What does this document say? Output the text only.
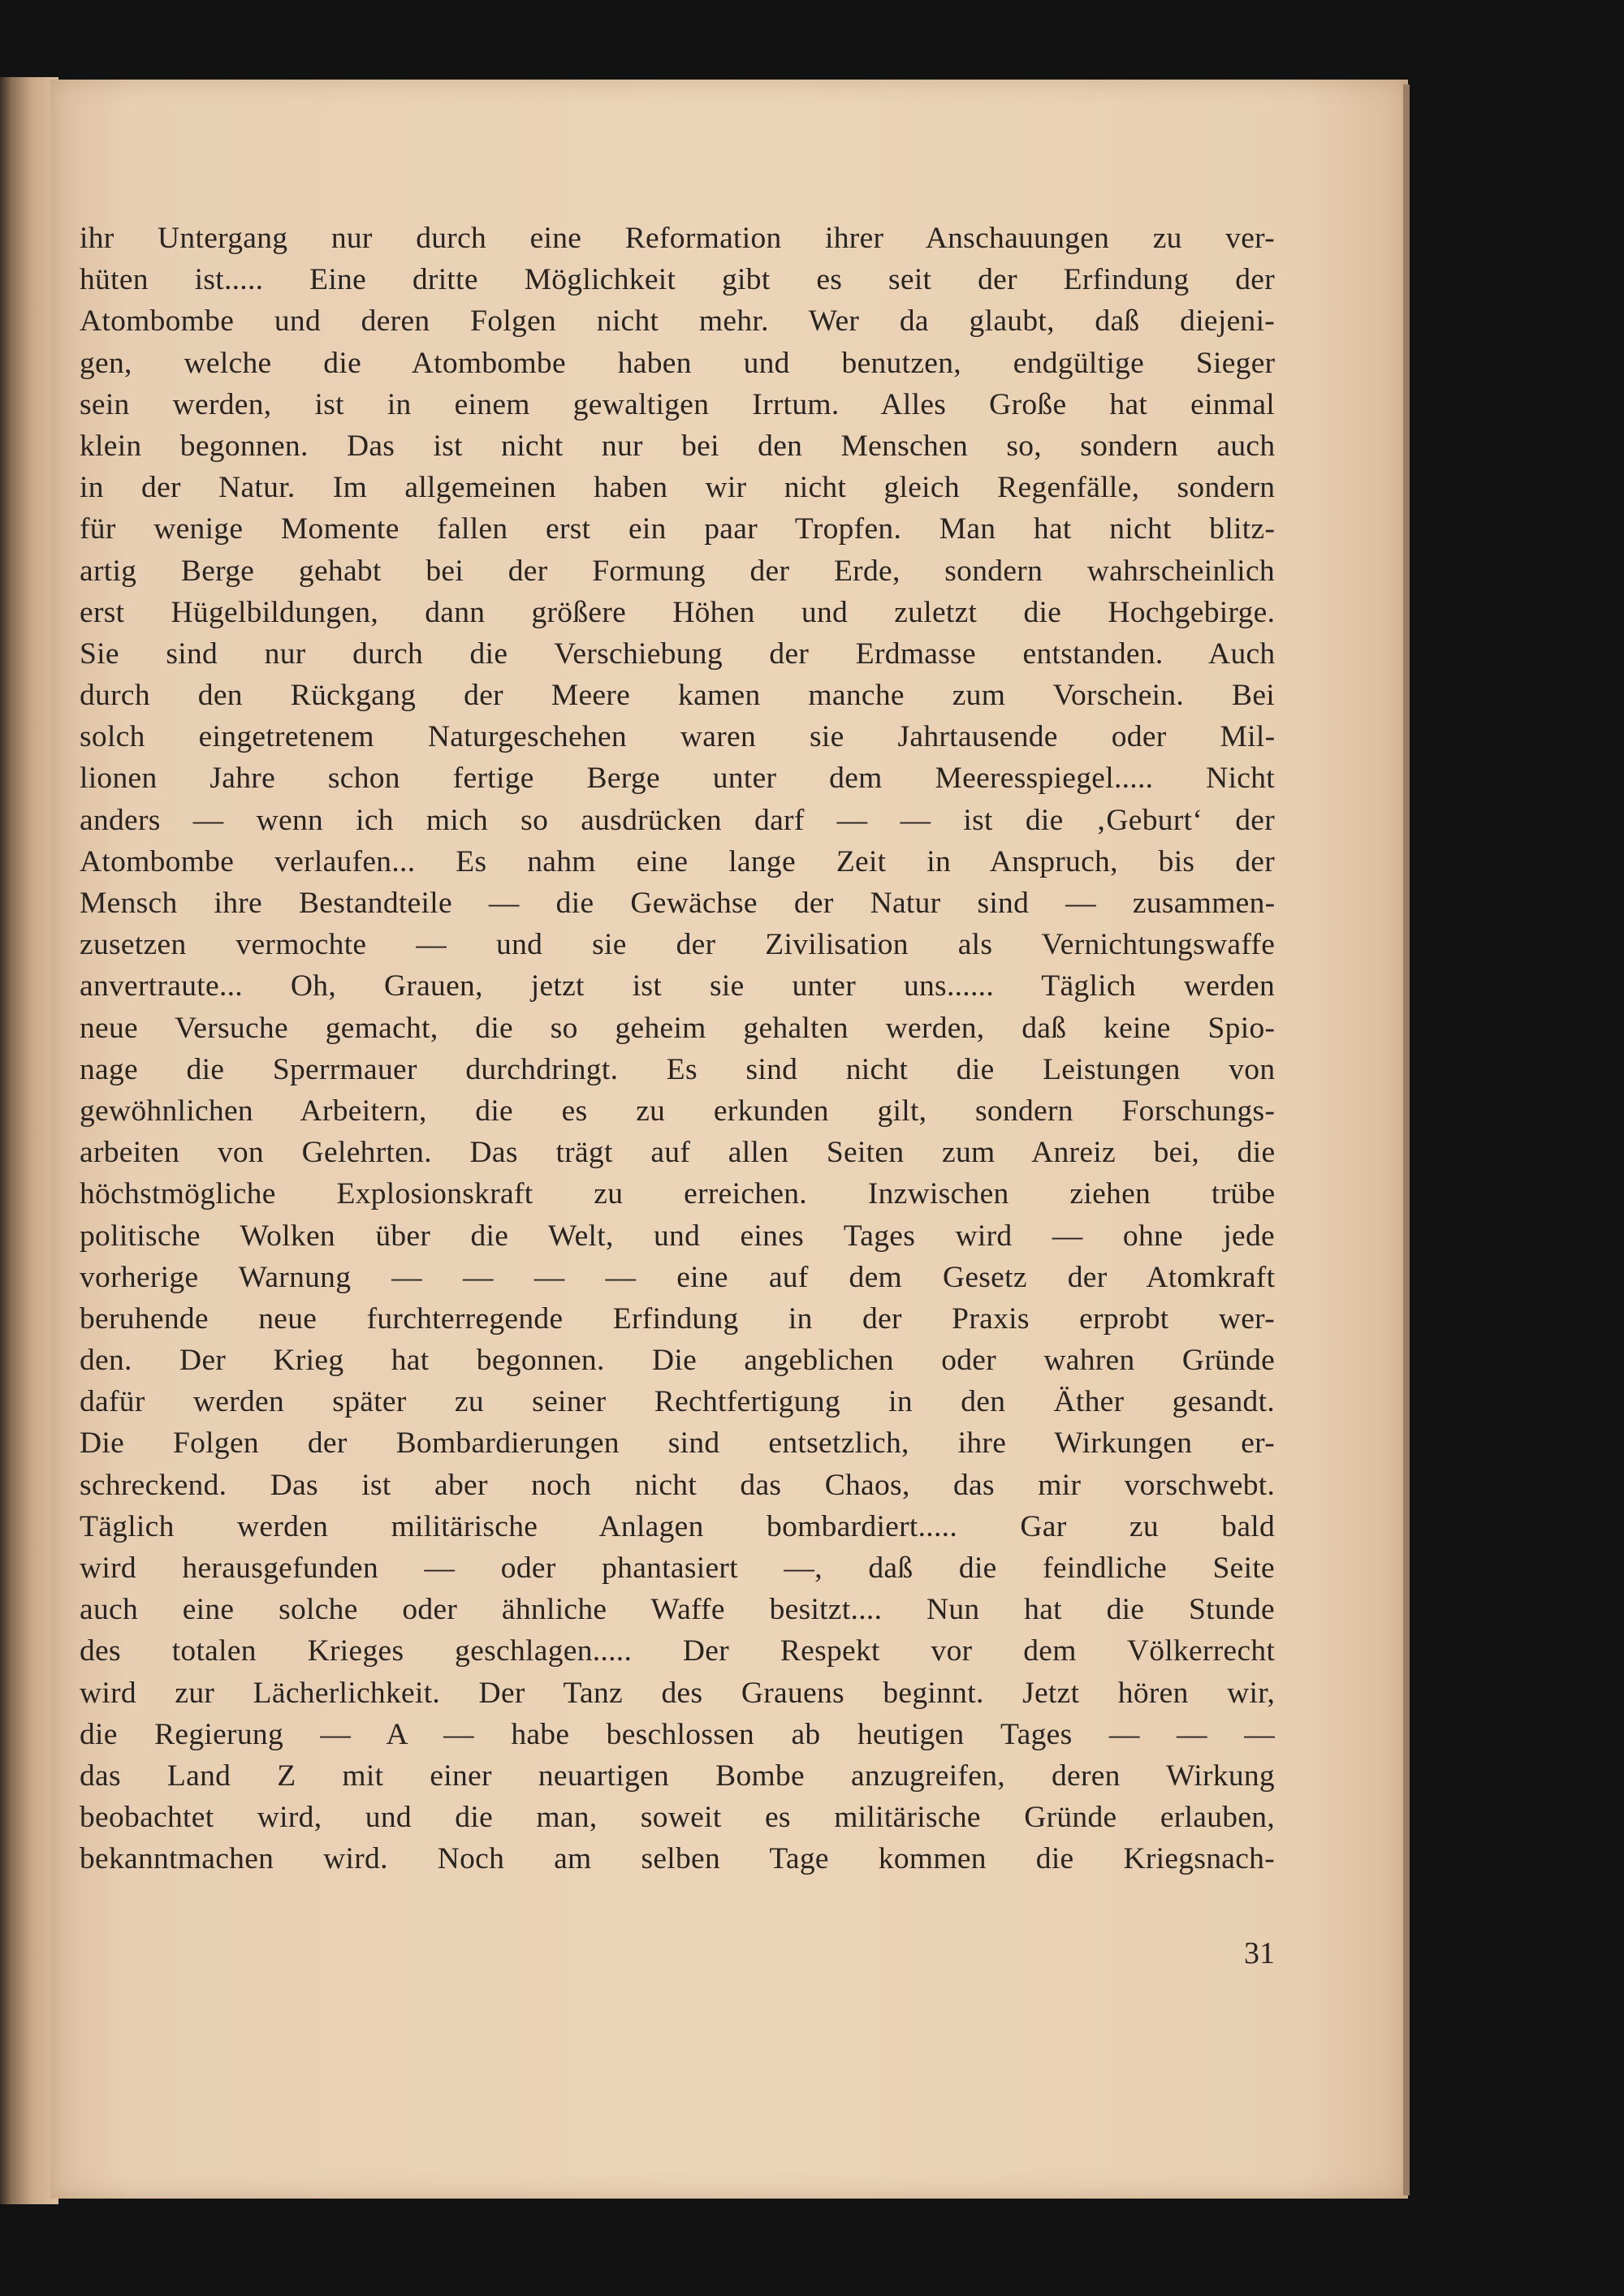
ihr Untergang nur durch eine Reformation ihrer Anschauungen zu ver-
hüten ist..... Eine dritte Möglichkeit gibt es seit der Erfindung der
Atombombe und deren Folgen nicht mehr. Wer da glaubt, daß diejeni-
gen, welche die Atombombe haben und benutzen, endgültige Sieger
sein werden, ist in einem gewaltigen Irrtum. Alles Große hat einmal
klein begonnen. Das ist nicht nur bei den Menschen so, sondern auch
in der Natur. Im allgemeinen haben wir nicht gleich Regenfälle, sondern
für wenige Momente fallen erst ein paar Tropfen. Man hat nicht blitz-
artig Berge gehabt bei der Formung der Erde, sondern wahrscheinlich
erst Hügelbildungen, dann größere Höhen und zuletzt die Hochgebirge.
Sie sind nur durch die Verschiebung der Erdmasse entstanden. Auch
durch den Rückgang der Meere kamen manche zum Vorschein. Bei
solch eingetretenem Naturgeschehen waren sie Jahrtausende oder Mil-
lionen Jahre schon fertige Berge unter dem Meeresspiegel..... Nicht
anders — wenn ich mich so ausdrücken darf — — ist die ‚Geburt‘ der
Atombombe verlaufen... Es nahm eine lange Zeit in Anspruch, bis der
Mensch ihre Bestandteile — die Gewächse der Natur sind — zusammen-
zusetzen vermochte — und sie der Zivilisation als Vernichtungswaffe
anvertraute... Oh, Grauen, jetzt ist sie unter uns...... Täglich werden
neue Versuche gemacht, die so geheim gehalten werden, daß keine Spio-
nage die Sperrmauer durchdringt. Es sind nicht die Leistungen von
gewöhnlichen Arbeitern, die es zu erkunden gilt, sondern Forschungs-
arbeiten von Gelehrten. Das trägt auf allen Seiten zum Anreiz bei, die
höchstmögliche Explosionskraft zu erreichen. Inzwischen ziehen trübe
politische Wolken über die Welt, und eines Tages wird — ohne jede
vorherige Warnung — — — — eine auf dem Gesetz der Atomkraft
beruhende neue furchterregende Erfindung in der Praxis erprobt wer-
den. Der Krieg hat begonnen. Die angeblichen oder wahren Gründe
dafür werden später zu seiner Rechtfertigung in den Äther gesandt.
Die Folgen der Bombardierungen sind entsetzlich, ihre Wirkungen er-
schreckend. Das ist aber noch nicht das Chaos, das mir vorschwebt.
Täglich werden militärische Anlagen bombardiert..... Gar zu bald
wird herausgefunden — oder phantasiert —, daß die feindliche Seite
auch eine solche oder ähnliche Waffe besitzt.... Nun hat die Stunde
des totalen Krieges geschlagen..... Der Respekt vor dem Völkerrecht
wird zur Lächerlichkeit. Der Tanz des Grauens beginnt. Jetzt hören wir,
die Regierung — A — habe beschlossen ab heutigen Tages — — —
das Land Z mit einer neuartigen Bombe anzugreifen, deren Wirkung
beobachtet wird, und die man, soweit es militärische Gründe erlauben,
bekanntmachen wird. Noch am selben Tage kommen die Kriegsnach-
31
